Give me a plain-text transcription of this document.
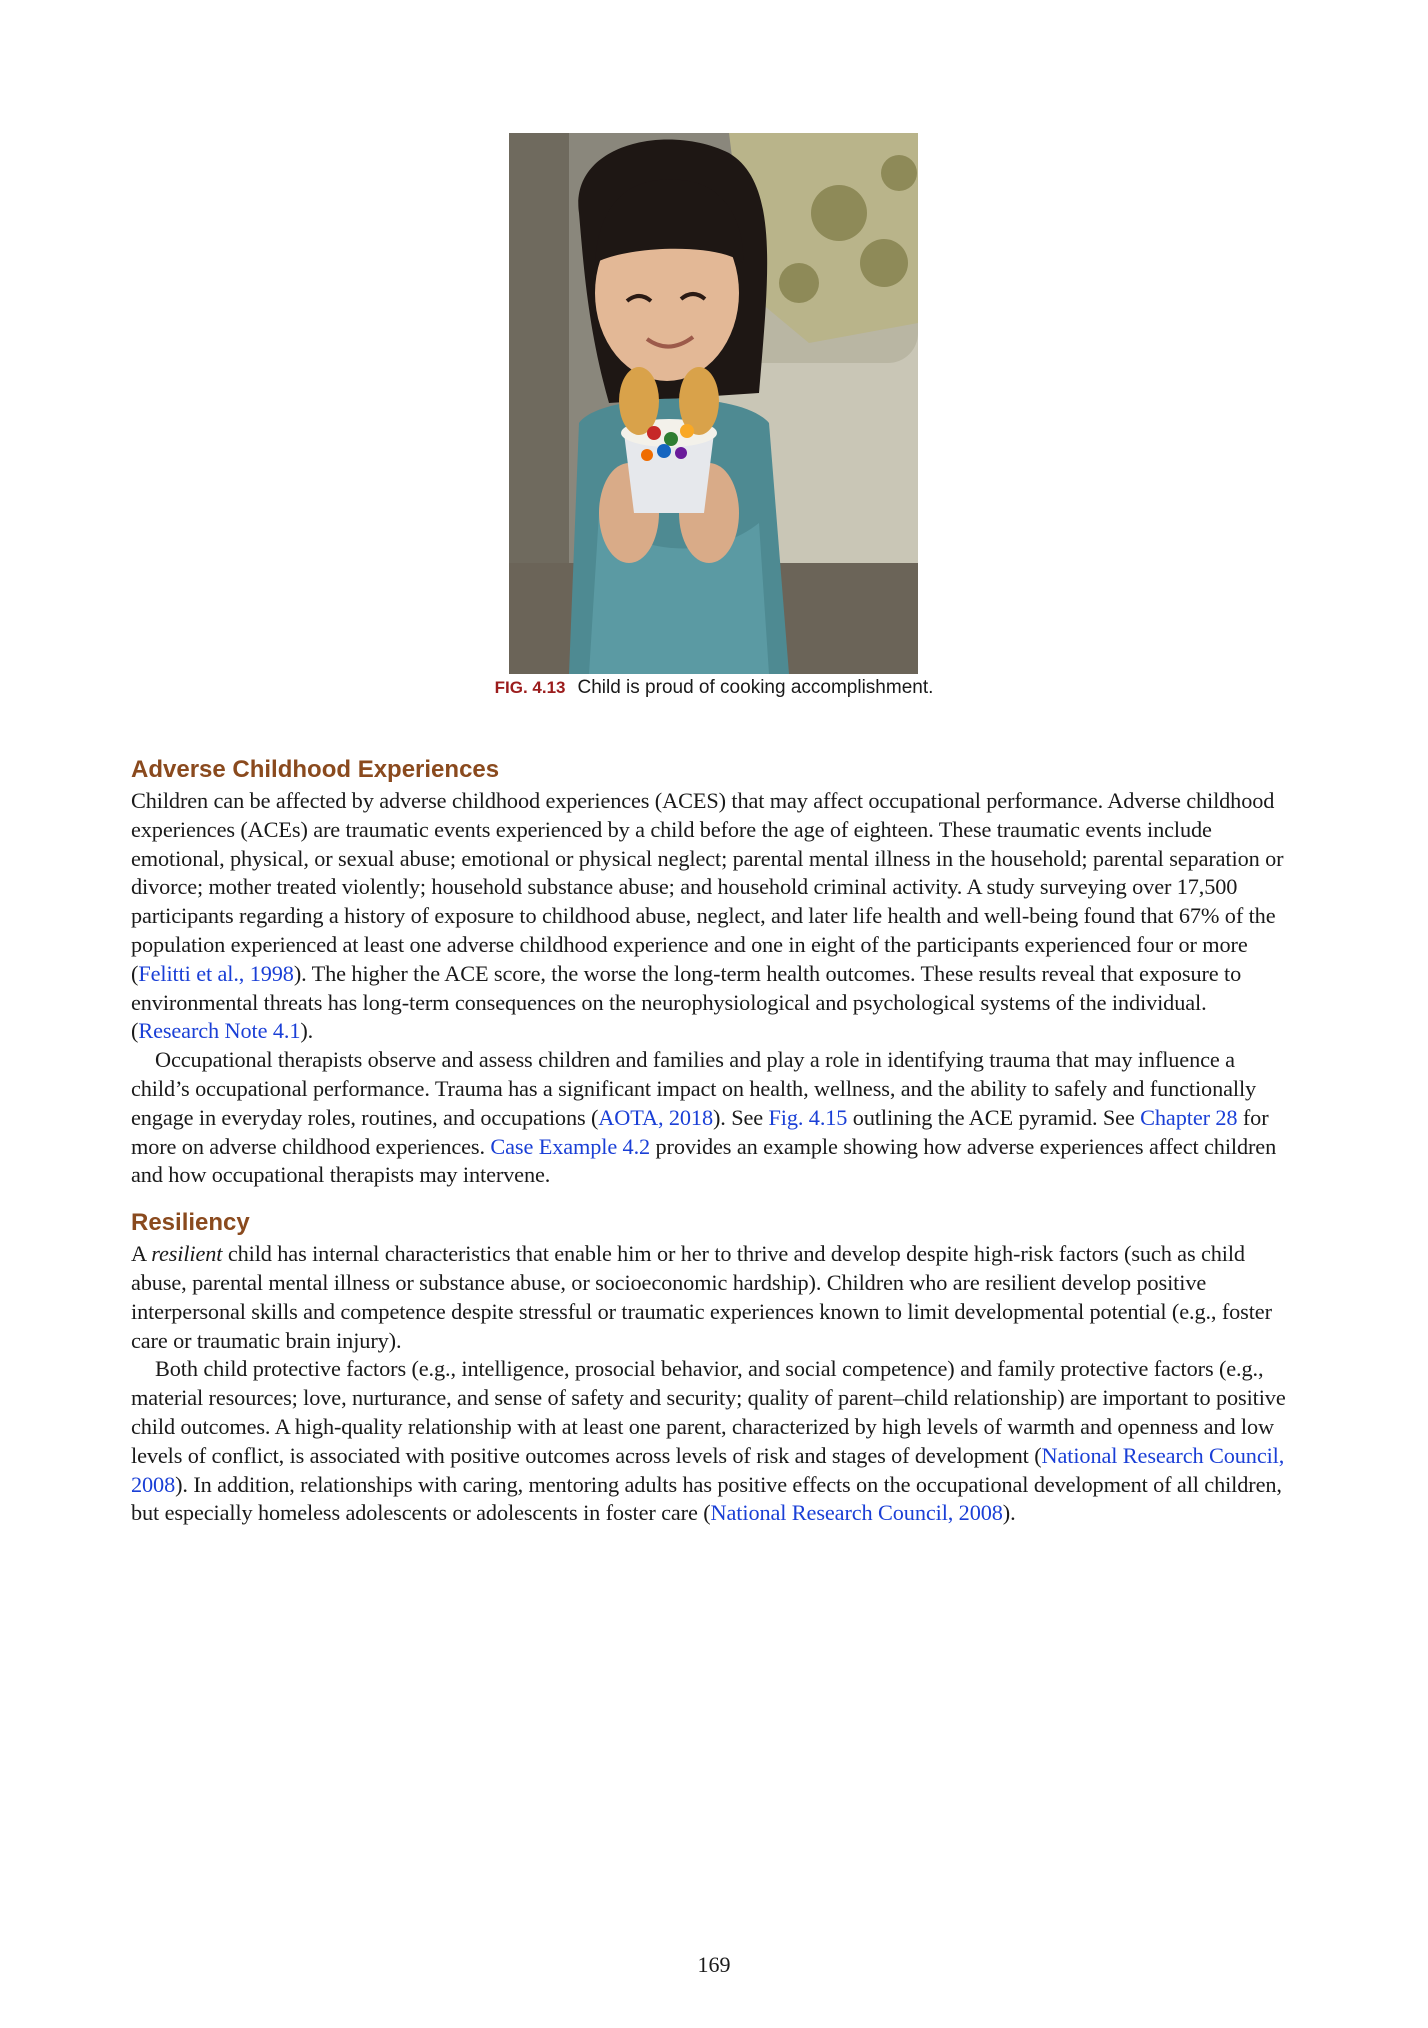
FIG. 4.13 Child is proud of cooking accomplishment.
Adverse Childhood Experiences

Children can be affected by adverse childhood experiences (ACES) that may affect occupational performance. Adverse childhood experiences (ACEs) are traumatic events experienced by a child before the age of eighteen. These traumatic events include emotional, physical, or sexual abuse; emotional or physical neglect; parental mental illness in the household; parental separation or divorce; mother treated violently; household substance abuse; and household criminal activity. A study surveying over 17,500 participants regarding a history of exposure to childhood abuse, neglect, and later life health and well-being found that 67% of the population experienced at least one adverse childhood experience and one in eight of the participants experienced four or more (Felitti et al., 1998). The higher the ACE score, the worse the long-term health outcomes. These results reveal that exposure to environmental threats has long-term consequences on the neurophysiological and psychological systems of the individual. (Research Note 4.1).

Occupational therapists observe and assess children and families and play a role in identifying trauma that may influence a child’s occupational performance. Trauma has a significant impact on health, wellness, and the ability to safely and functionally engage in everyday roles, routines, and occupations (AOTA, 2018). See Fig. 4.15 outlining the ACE pyramid. See Chapter 28 for more on adverse childhood experiences. Case Example 4.2 provides an example showing how adverse experiences affect children and how occupational therapists may intervene.

Resiliency

A resilient child has internal characteristics that enable him or her to thrive and develop despite high-risk factors (such as child abuse, parental mental illness or substance abuse, or socioeconomic hardship). Children who are resilient develop positive interpersonal skills and competence despite stressful or traumatic experiences known to limit developmental potential (e.g., foster care or traumatic brain injury).

Both child protective factors (e.g., intelligence, prosocial behavior, and social competence) and family protective factors (e.g., material resources; love, nurturance, and sense of safety and security; quality of parent–child relationship) are important to positive child outcomes. A high-quality relationship with at least one parent, characterized by high levels of warmth and openness and low levels of conflict, is associated with positive outcomes across levels of risk and stages of development (National Research Council, 2008). In addition, relationships with caring, mentoring adults has positive effects on the occupational development of all children, but especially homeless adolescents or adolescents in foster care (National Research Council, 2008).

169
